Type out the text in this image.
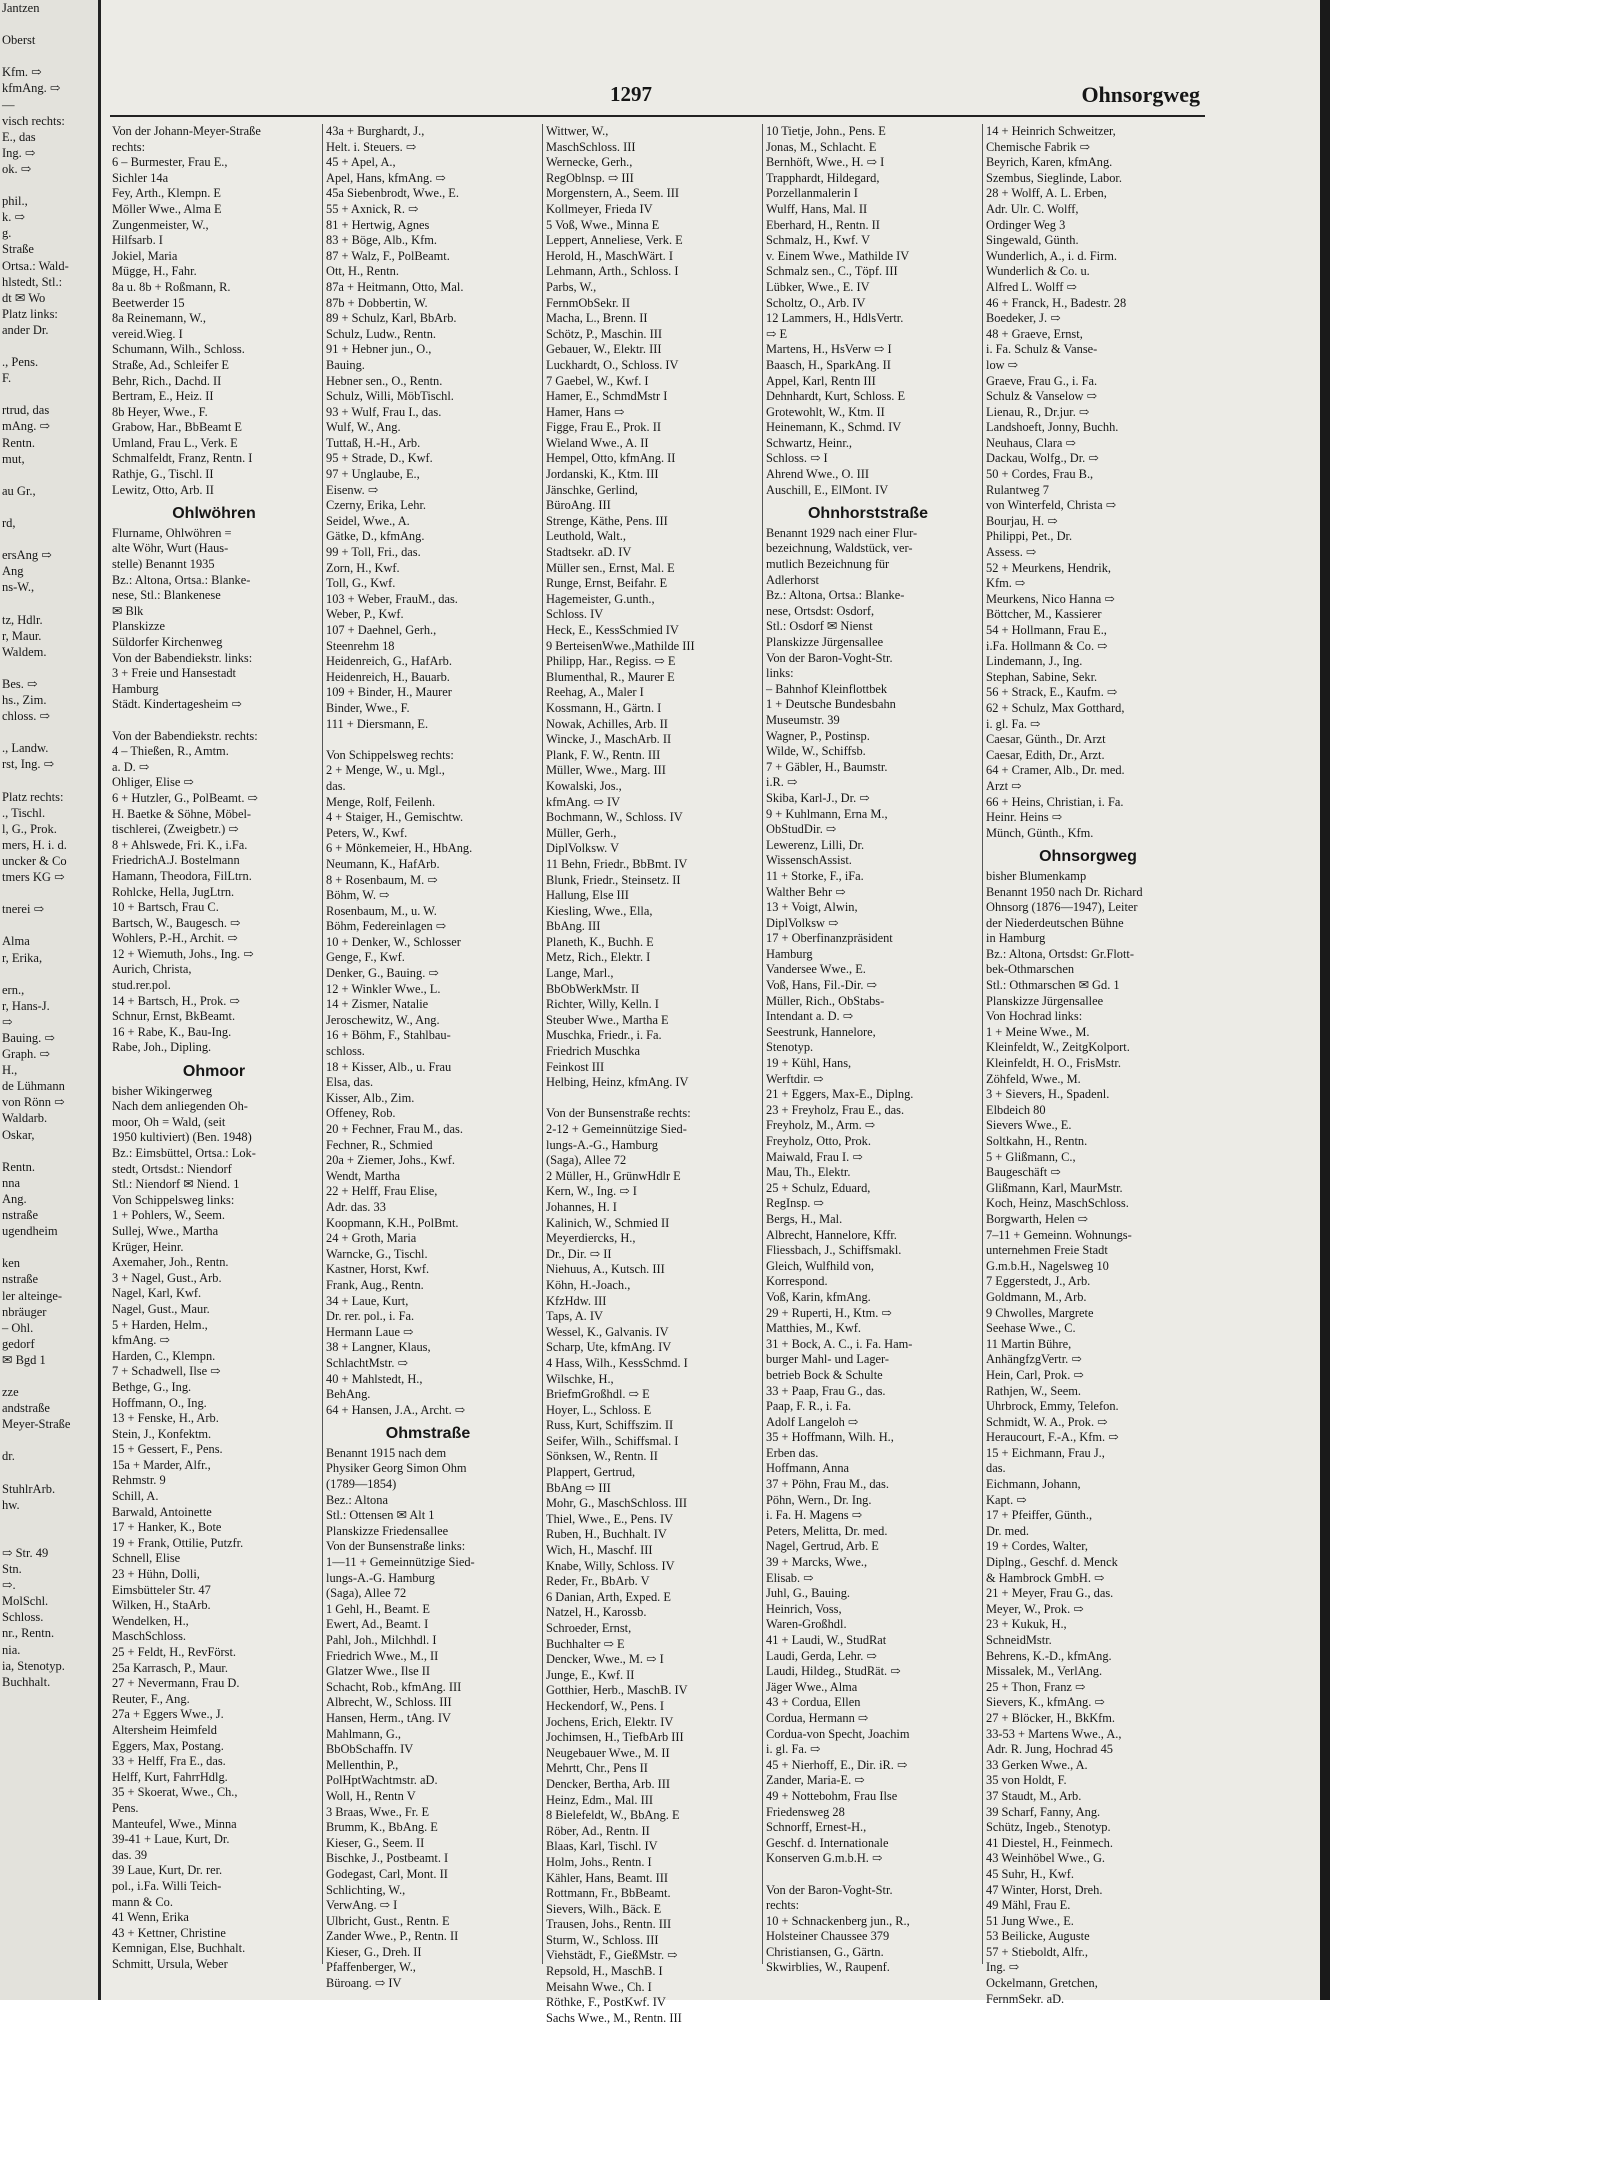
Jantzen

Oberst

Kfm. ⇨
kfmAng. ⇨
—
visch rechts:
E., das
Ing. ⇨
ok. ⇨

phil.,
k. ⇨
g.
Straße
Ortsa.: Wald-
hlstedt, Stl.:
dt ✉ Wo
Platz links:
ander Dr.

., Pens.
F.

rtrud, das
mAng. ⇨
Rentn.
mut,

au Gr.,

rd,

ersAng ⇨
Ang
ns-W.,

tz, Hdlr.
r, Maur.
Waldem.

Bes. ⇨
hs., Zim.
chloss. ⇨

., Landw.
rst, Ing. ⇨

Platz rechts:
., Tischl.
l, G., Prok.
mers, H. i. d.
uncker & Co
tmers KG ⇨

tnerei ⇨

Alma
r, Erika,

ern.,
r, Hans-J.
⇨
Bauing. ⇨
Graph. ⇨
H.,
de Lühmann
von Rönn ⇨
Waldarb.
Oskar,

Rentn.
nna
Ang.
nstraße
ugendheim

ken
nstraße
ler alteinge-
nbräuger
– Ohl.
gedorf
✉ Bgd 1

zze
andstraße
Meyer-Straße

dr.

StuhlrArb.
hw.

⇨ Str. 49
Stn.
⇨.
MolSchl.
Schloss.
nr., Rentn.
nia.
ia, Stenotyp.
Buchhalt.
1297	Ohnsorgweg
Von der Johann-Meyer-Straße
rechts:
6 – Burmester, Frau E.,
Sichler 14a
Fey, Arth., Klempn. E
Möller Wwe., Alma E
Zungenmeister, W.,
Hilfsarb. I
Jokiel, Maria
Mügge, H., Fahr.
8a u. 8b + Roßmann, R.
Beetwerder 15
8a Reinemann, W.,
vereid.Wieg. I
Schumann, Wilh., Schloss.
Straße, Ad., Schleifer E
Behr, Rich., Dachd. II
Bertram, E., Heiz. II
8b Heyer, Wwe., F.
Grabow, Har., BbBeamt E
Umland, Frau L., Verk. E
Schmalfeldt, Franz, Rentn. I
Rathje, G., Tischl. II
Lewitz, Otto, Arb. II
Ohlwöhren
Flurname, Ohlwöhren =
alte Wöhr, Wurt (Haus-
stelle) Benannt 1935
Bz.: Altona, Ortsa.: Blanke-
nese, Stl.: Blankenese
✉ Blk
Planskizze
Süldorfer Kirchenweg
Von der Babendiekstr. links:
3 + Freie und Hansestadt
Hamburg
Städt. Kindertagesheim ⇨

Von der Babendiekstr. rechts:
4 – Thießen, R., Amtm.
a. D. ⇨
Ohliger, Elise ⇨
6 + Hutzler, G., PolBeamt. ⇨
H. Baetke & Söhne, Möbel-
tischlerei, (Zweigbetr.) ⇨
8 + Ahlswede, Fri. K., i.Fa.
FriedrichA.J. Bostelmann
Hamann, Theodora, FilLtrn.
Rohlcke, Hella, JugLtrn.
10 + Bartsch, Frau C.
Bartsch, W., Baugesch. ⇨
Wohlers, P.-H., Archit. ⇨
12 + Wiemuth, Johs., Ing. ⇨
Aurich, Christa,
stud.rer.pol.
14 + Bartsch, H., Prok. ⇨
Schnur, Ernst, BkBeamt.
16 + Rabe, K., Bau-Ing.
Rabe, Joh., Dipling.
Ohmoor
bisher Wikingerweg
Nach dem anliegenden Oh-
moor, Oh = Wald, (seit
1950 kultiviert) (Ben. 1948)
Bz.: Eimsbüttel, Ortsa.: Lok-
stedt, Ortsdst.: Niendorf
Stl.: Niendorf ✉ Niend. 1
Von Schippelsweg links:
1 + Pohlers, W., Seem.
Sullej, Wwe., Martha
Krüger, Heinr.
Axemaher, Joh., Rentn.
3 + Nagel, Gust., Arb.
Nagel, Karl, Kwf.
Nagel, Gust., Maur.
5 + Harden, Helm.,
kfmAng. ⇨
Harden, C., Klempn.
7 + Schadwell, Ilse ⇨
Bethge, G., Ing.
Hoffmann, O., Ing.
13 + Fenske, H., Arb.
Stein, J., Konfektm.
15 + Gessert, F., Pens.
15a + Marder, Alfr.,
Rehmstr. 9
Schill, A.
Barwald, Antoinette
17 + Hanker, K., Bote
19 + Frank, Ottilie, Putzfr.
Schnell, Elise
23 + Hühn, Dolli,
Eimsbütteler Str. 47
Wilken, H., StaArb.
Wendelken, H.,
MaschSchloss.
25 + Feldt, H., RevFörst.
25a Karrasch, P., Maur.
27 + Nevermann, Frau D.
Reuter, F., Ang.
27a + Eggers Wwe., J.
Altersheim Heimfeld
Eggers, Max, Postang.
33 + Helff, Fra E., das.
Helff, Kurt, FahrrHdlg.
35 + Skoerat, Wwe., Ch.,
Pens.
Manteufel, Wwe., Minna
39-41 + Laue, Kurt, Dr.
das. 39
39 Laue, Kurt, Dr. rer.
pol., i.Fa. Willi Teich-
mann & Co.
41 Wenn, Erika
43 + Kettner, Christine
Kemnigan, Else, Buchhalt.
Schmitt, Ursula, Weber
43a + Burghardt, J.,
Helt. i. Steuers. ⇨
45 + Apel, A.,
Apel, Hans, kfmAng. ⇨
45a Siebenbrodt, Wwe., E.
55 + Axnick, R. ⇨
81 + Hertwig, Agnes
83 + Böge, Alb., Kfm.
87 + Walz, F., PolBeamt.
Ott, H., Rentn.
87a + Heitmann, Otto, Mal.
87b + Dobbertin, W.
89 + Schulz, Karl, BbArb.
Schulz, Ludw., Rentn.
91 + Hebner jun., O.,
Bauing.
Hebner sen., O., Rentn.
Schulz, Willi, MöbTischl.
93 + Wulf, Frau I., das.
Wulf, W., Ang.
Tuttaß, H.-H., Arb.
95 + Strade, D., Kwf.
97 + Unglaube, E.,
Eisenw. ⇨
Czerny, Erika, Lehr.
Seidel, Wwe., A.
Gätke, D., kfmAng.
99 + Toll, Fri., das.
Zorn, H., Kwf.
Toll, G., Kwf.
103 + Weber, FrauM., das.
Weber, P., Kwf.
107 + Daehnel, Gerh.,
Steenrehm 18
Heidenreich, G., HafArb.
Heidenreich, H., Bauarb.
109 + Binder, H., Maurer
Binder, Wwe., F.
111 + Diersmann, E.

Von Schippelsweg rechts:
2 + Menge, W., u. Mgl.,
das.
Menge, Rolf, Feilenh.
4 + Staiger, H., Gemischtw.
Peters, W., Kwf.
6 + Mönkemeier, H., HbAng.
Neumann, K., HafArb.
8 + Rosenbaum, M. ⇨
Böhm, W. ⇨
Rosenbaum, M., u. W.
Böhm, Federeinlagen ⇨
10 + Denker, W., Schlosser
Genge, F., Kwf.
Denker, G., Bauing. ⇨
12 + Winkler Wwe., L.
14 + Zismer, Natalie
Jeroschewitz, W., Ang.
16 + Böhm, F., Stahlbau-
schloss.
18 + Kisser, Alb., u. Frau
Elsa, das.
Kisser, Alb., Zim.
Offeney, Rob.
20 + Fechner, Frau M., das.
Fechner, R., Schmied
20a + Ziemer, Johs., Kwf.
Wendt, Martha
22 + Helff, Frau Elise,
Adr. das. 33
Koopmann, K.H., PolBmt.
24 + Groth, Maria
Warncke, G., Tischl.
Kastner, Horst, Kwf.
Frank, Aug., Rentn.
34 + Laue, Kurt,
Dr. rer. pol., i. Fa.
Hermann Laue ⇨
38 + Langner, Klaus,
SchlachtMstr. ⇨
40 + Mahlstedt, H.,
BehAng.
64 + Hansen, J.A., Archt. ⇨
Ohmstraße
Benannt 1915 nach dem
Physiker Georg Simon Ohm
(1789—1854)
Bez.: Altona
Stl.: Ottensen ✉ Alt 1
Planskizze Friedensallee
Von der Bunsenstraße links:
1—11 + Gemeinnützige Sied-
lungs-A.-G. Hamburg
(Saga), Allee 72
1 Gehl, H., Beamt. E
Ewert, Ad., Beamt. I
Pahl, Joh., Milchhdl. I
Friedrich Wwe., M., II
Glatzer Wwe., Ilse II
Schacht, Rob., kfmAng. III
Albrecht, W., Schloss. III
Hansen, Herm., tAng. IV
Mahlmann, G.,
BbObSchaffn. IV
Mellenthin, P.,
PolHptWachtmstr. aD.
Woll, H., Rentn V
3 Braas, Wwe., Fr. E
Brumm, K., BbAng. E
Kieser, G., Seem. II
Bischke, J., Postbeamt. I
Godegast, Carl, Mont. II
Schlichting, W.,
VerwAng. ⇨ I
Ulbricht, Gust., Rentn. E
Zander Wwe., P., Rentn. II
Kieser, G., Dreh. II
Pfaffenberger, W.,
Büroang. ⇨ IV
Wittwer, W.,
MaschSchloss. III
Wernecke, Gerh.,
RegOblnsp. ⇨ III
Morgenstern, A., Seem. III
Kollmeyer, Frieda IV
5 Voß, Wwe., Minna E
Leppert, Anneliese, Verk. E
Herold, H., MaschWärt. I
Lehmann, Arth., Schloss. I
Parbs, W.,
FernmObSekr. II
Macha, L., Brenn. II
Schötz, P., Maschin. III
Gebauer, W., Elektr. III
Luckhardt, O., Schloss. IV
7 Gaebel, W., Kwf. I
Hamer, E., SchmdMstr I
Hamer, Hans ⇨
Figge, Frau E., Prok. II
Wieland Wwe., A. II
Hempel, Otto, kfmAng. II
Jordanski, K., Ktm. III
Jänschke, Gerlind,
BüroAng. III
Strenge, Käthe, Pens. III
Leuthold, Walt.,
Stadtsekr. aD. IV
Müller sen., Ernst, Mal. E
Runge, Ernst, Beifahr. E
Hagemeister, G.unth.,
Schloss. IV
Heck, E., KessSchmied IV
9 BerteisenWwe.,Mathilde III
Philipp, Har., Regiss. ⇨ E
Blumenthal, R., Maurer E
Reehag, A., Maler I
Kossmann, H., Gärtn. I
Nowak, Achilles, Arb. II
Wincke, J., MaschArb. II
Plank, F. W., Rentn. III
Müller, Wwe., Marg. III
Kowalski, Jos.,
kfmAng. ⇨ IV
Bochmann, W., Schloss. IV
Müller, Gerh.,
DiplVolksw. V
11 Behn, Friedr., BbBmt. IV
Blunk, Friedr., Steinsetz. II
Hallung, Else III
Kiesling, Wwe., Ella,
BbAng. III
Planeth, K., Buchh. E
Metz, Rich., Elektr. I
Lange, Marl.,
BbObWerkMstr. II
Richter, Willy, Kelln. I
Steuber Wwe., Martha E
Muschka, Friedr., i. Fa.
Friedrich Muschka
Feinkost III
Helbing, Heinz, kfmAng. IV

Von der Bunsenstraße rechts:
2-12 + Gemeinnützige Sied-
lungs-A.-G., Hamburg
(Saga), Allee 72
2 Müller, H., GrünwHdlr E
Kern, W., Ing. ⇨ I
Johannes, H. I
Kalinich, W., Schmied II
Meyerdiercks, H.,
Dr., Dir. ⇨ II
Niehuus, A., Kutsch. III
Köhn, H.-Joach.,
KfzHdw. III
Taps, A. IV
Wessel, K., Galvanis. IV
Scharp, Ute, kfmAng. IV
4 Hass, Wilh., KessSchmd. I
Wilschke, H.,
BriefmGroßhdl. ⇨ E
Hoyer, L., Schloss. E
Russ, Kurt, Schiffszim. II
Seifer, Wilh., Schiffsmal. I
Sönksen, W., Rentn. II
Plappert, Gertrud,
BbAng ⇨ III
Mohr, G., MaschSchloss. III
Thiel, Wwe., E., Pens. IV
Ruben, H., Buchhalt. IV
Wich, H., Maschf. III
Knabe, Willy, Schloss. IV
Reder, Fr., BbArb. V
6 Danian, Arth, Exped. E
Natzel, H., Karossb.
Schroeder, Ernst,
Buchhalter ⇨ E
Dencker, Wwe., M. ⇨ I
Junge, E., Kwf. II
Gotthier, Herb., MaschB. IV
Heckendorf, W., Pens. I
Jochens, Erich, Elektr. IV
Jochimsen, H., TiefbArb III
Neugebauer Wwe., M. II
Mehrtt, Chr., Pens II
Dencker, Bertha, Arb. III
Heinz, Edm., Mal. III
8 Bielefeldt, W., BbAng. E
Röber, Ad., Rentn. II
Blaas, Karl, Tischl. IV
Holm, Johs., Rentn. I
Kähler, Hans, Beamt. III
Rottmann, Fr., BbBeamt.
Sievers, Wilh., Bäck. E
Trausen, Johs., Rentn. III
Sturm, W., Schloss. III
Viehstädt, F., GießMstr. ⇨
Repsold, H., MaschB. I
Meisahn Wwe., Ch. I
Röthke, F., PostKwf. IV
Sachs Wwe., M., Rentn. III
10 Tietje, John., Pens. E
Jonas, M., Schlacht. E
Bernhöft, Wwe., H. ⇨ I
Trapphardt, Hildegard,
Porzellanmalerin I
Wulff, Hans, Mal. II
Eberhard, H., Rentn. II
Schmalz, H., Kwf. V
v. Einem Wwe., Mathilde IV
Schmalz sen., C., Töpf. III
Lübker, Wwe., E. IV
Scholtz, O., Arb. IV
12 Lammers, H., HdlsVertr.
⇨ E
Martens, H., HsVerw ⇨ I
Baasch, H., SparkAng. II
Appel, Karl, Rentn III
Dehnhardt, Kurt, Schloss. E
Grotewohlt, W., Ktm. II
Heinemann, K., Schmd. IV
Schwartz, Heinr.,
Schloss. ⇨ I
Ahrend Wwe., O. III
Auschill, E., ElMont. IV
Ohnhorststraße
Benannt 1929 nach einer Flur-
bezeichnung, Waldstück, ver-
mutlich Bezeichnung für
Adlerhorst
Bz.: Altona, Ortsa.: Blanke-
nese, Ortsdst: Osdorf,
Stl.: Osdorf ✉ Nienst
Planskizze Jürgensallee
Von der Baron-Voght-Str.
links:
– Bahnhof Kleinflottbek
1 + Deutsche Bundesbahn
Museumstr. 39
Wagner, P., Postinsp.
Wilde, W., Schiffsb.
7 + Gäbler, H., Baumstr.
i.R. ⇨
Skiba, Karl-J., Dr. ⇨
9 + Kuhlmann, Erna M.,
ObStudDir. ⇨
Lewerenz, Lilli, Dr.
WissenschAssist.
11 + Storke, F., iFa.
Walther Behr ⇨
13 + Voigt, Alwin,
DiplVolksw ⇨
17 + Oberfinanzpräsident
Hamburg
Vandersee Wwe., E.
Voß, Hans, Fil.-Dir. ⇨
Müller, Rich., ObStabs-
Intendant a. D. ⇨
Seestrunk, Hannelore,
Stenotyp.
19 + Kühl, Hans,
Werftdir. ⇨
21 + Eggers, Max-E., Diplng.
23 + Freyholz, Frau E., das.
Freyholz, M., Arm. ⇨
Freyholz, Otto, Prok.
Maiwald, Frau I. ⇨
Mau, Th., Elektr.
25 + Schulz, Eduard,
RegInsp. ⇨
Bergs, H., Mal.
Albrecht, Hannelore, Kffr.
Fliessbach, J., Schiffsmakl.
Gleich, Wulfhild von,
Korrespond.
Voß, Karin, kfmAng.
29 + Ruperti, H., Ktm. ⇨
Matthies, M., Kwf.
31 + Bock, A. C., i. Fa. Ham-
burger Mahl- und Lager-
betrieb Bock & Schulte
33 + Paap, Frau G., das.
Paap, F. R., i. Fa.
Adolf Langeloh ⇨
35 + Hoffmann, Wilh. H.,
Erben das.
Hoffmann, Anna
37 + Pöhn, Frau M., das.
Pöhn, Wern., Dr. Ing.
i. Fa. H. Magens ⇨
Peters, Melitta, Dr. med.
Nagel, Gertrud, Arb. E
39 + Marcks, Wwe.,
Elisab. ⇨
Juhl, G., Bauing.
Heinrich, Voss,
Waren-Großhdl.
41 + Laudi, W., StudRat
Laudi, Gerda, Lehr. ⇨
Laudi, Hildeg., StudRät. ⇨
Jäger Wwe., Alma
43 + Cordua, Ellen
Cordua, Hermann ⇨
Cordua-von Specht, Joachim
i. gl. Fa. ⇨
45 + Nierhoff, E., Dir. iR. ⇨
Zander, Maria-E. ⇨
49 + Nottebohm, Frau Ilse
Friedensweg 28
Schnorff, Ernest-H.,
Geschf. d. Internationale
Konserven G.m.b.H. ⇨

Von der Baron-Voght-Str.
rechts:
10 + Schnackenberg jun., R.,
Holsteiner Chaussee 379
Christiansen, G., Gärtn.
Skwirblies, W., Raupenf.
14 + Heinrich Schweitzer,
Chemische Fabrik ⇨
Beyrich, Karen, kfmAng.
Szembus, Sieglinde, Labor.
28 + Wolff, A. L. Erben,
Adr. Ulr. C. Wolff,
Ordinger Weg 3
Singewald, Günth.
Wunderlich, A., i. d. Firm.
Wunderlich & Co. u.
Alfred L. Wolff ⇨
46 + Franck, H., Badestr. 28
Boedeker, J. ⇨
48 + Graeve, Ernst,
i. Fa. Schulz & Vanse-
low ⇨
Graeve, Frau G., i. Fa.
Schulz & Vanselow ⇨
Lienau, R., Dr.jur. ⇨
Landshoeft, Jonny, Buchh.
Neuhaus, Clara ⇨
Dackau, Wolfg., Dr. ⇨
50 + Cordes, Frau B.,
Rulantweg 7
von Winterfeld, Christa ⇨
Bourjau, H. ⇨
Philippi, Pet., Dr.
Assess. ⇨
52 + Meurkens, Hendrik,
Kfm. ⇨
Meurkens, Nico Hanna ⇨
Böttcher, M., Kassierer
54 + Hollmann, Frau E.,
i.Fa. Hollmann & Co. ⇨
Lindemann, J., Ing.
Stephan, Sabine, Sekr.
56 + Strack, E., Kaufm. ⇨
62 + Schulz, Max Gotthard,
i. gl. Fa. ⇨
Caesar, Günth., Dr. Arzt
Caesar, Edith, Dr., Arzt.
64 + Cramer, Alb., Dr. med.
Arzt ⇨
66 + Heins, Christian, i. Fa.
Heinr. Heins ⇨
Münch, Günth., Kfm.
Ohnsorgweg
bisher Blumenkamp
Benannt 1950 nach Dr. Richard
Ohnsorg (1876—1947), Leiter
der Niederdeutschen Bühne
in Hamburg
Bz.: Altona, Ortsdst: Gr.Flott-
bek-Othmarschen
Stl.: Othmarschen ✉ Gd. 1
Planskizze Jürgensallee
Von Hochrad links:
1 + Meine Wwe., M.
Kleinfeldt, W., ZeitgKolport.
Kleinfeldt, H. O., FrisMstr.
Zöhfeld, Wwe., M.
3 + Sievers, H., Spadenl.
Elbdeich 80
Sievers Wwe., E.
Soltkahn, H., Rentn.
5 + Glißmann, C.,
Baugeschäft ⇨
Glißmann, Karl, MaurMstr.
Koch, Heinz, MaschSchloss.
Borgwarth, Helen ⇨
7–11 + Gemeinn. Wohnungs-
unternehmen Freie Stadt
G.m.b.H., Nagelsweg 10
7 Eggerstedt, J., Arb.
Goldmann, M., Arb.
9 Chwolles, Margrete
Seehase Wwe., C.
11 Martin Bühre,
AnhängfzgVertr. ⇨
Hein, Carl, Prok. ⇨
Rathjen, W., Seem.
Uhrbrock, Emmy, Telefon.
Schmidt, W. A., Prok. ⇨
Heraucourt, F.-A., Kfm. ⇨
15 + Eichmann, Frau J.,
das.
Eichmann, Johann,
Kapt. ⇨
17 + Pfeiffer, Günth.,
Dr. med.
19 + Cordes, Walter,
Diplng., Geschf. d. Menck
& Hambrock GmbH. ⇨
21 + Meyer, Frau G., das.
Meyer, W., Prok. ⇨
23 + Kukuk, H.,
SchneidMstr.
Behrens, K.-D., kfmAng.
Missalek, M., VerlAng.
25 + Thon, Franz ⇨
Sievers, K., kfmAng. ⇨
27 + Blöcker, H., BkKfm.
33-53 + Martens Wwe., A.,
Adr. R. Jung, Hochrad 45
33 Gerken Wwe., A.
35 von Holdt, F.
37 Staudt, M., Arb.
39 Scharf, Fanny, Ang.
Schütz, Ingeb., Stenotyp.
41 Diestel, H., Feinmech.
43 Weinhöbel Wwe., G.
45 Suhr, H., Kwf.
47 Winter, Horst, Dreh.
49 Mähl, Frau E.
51 Jung Wwe., E.
53 Beilicke, Auguste
57 + Stieboldt, Alfr.,
Ing. ⇨
Ockelmann, Gretchen,
FernmSekr. aD.
